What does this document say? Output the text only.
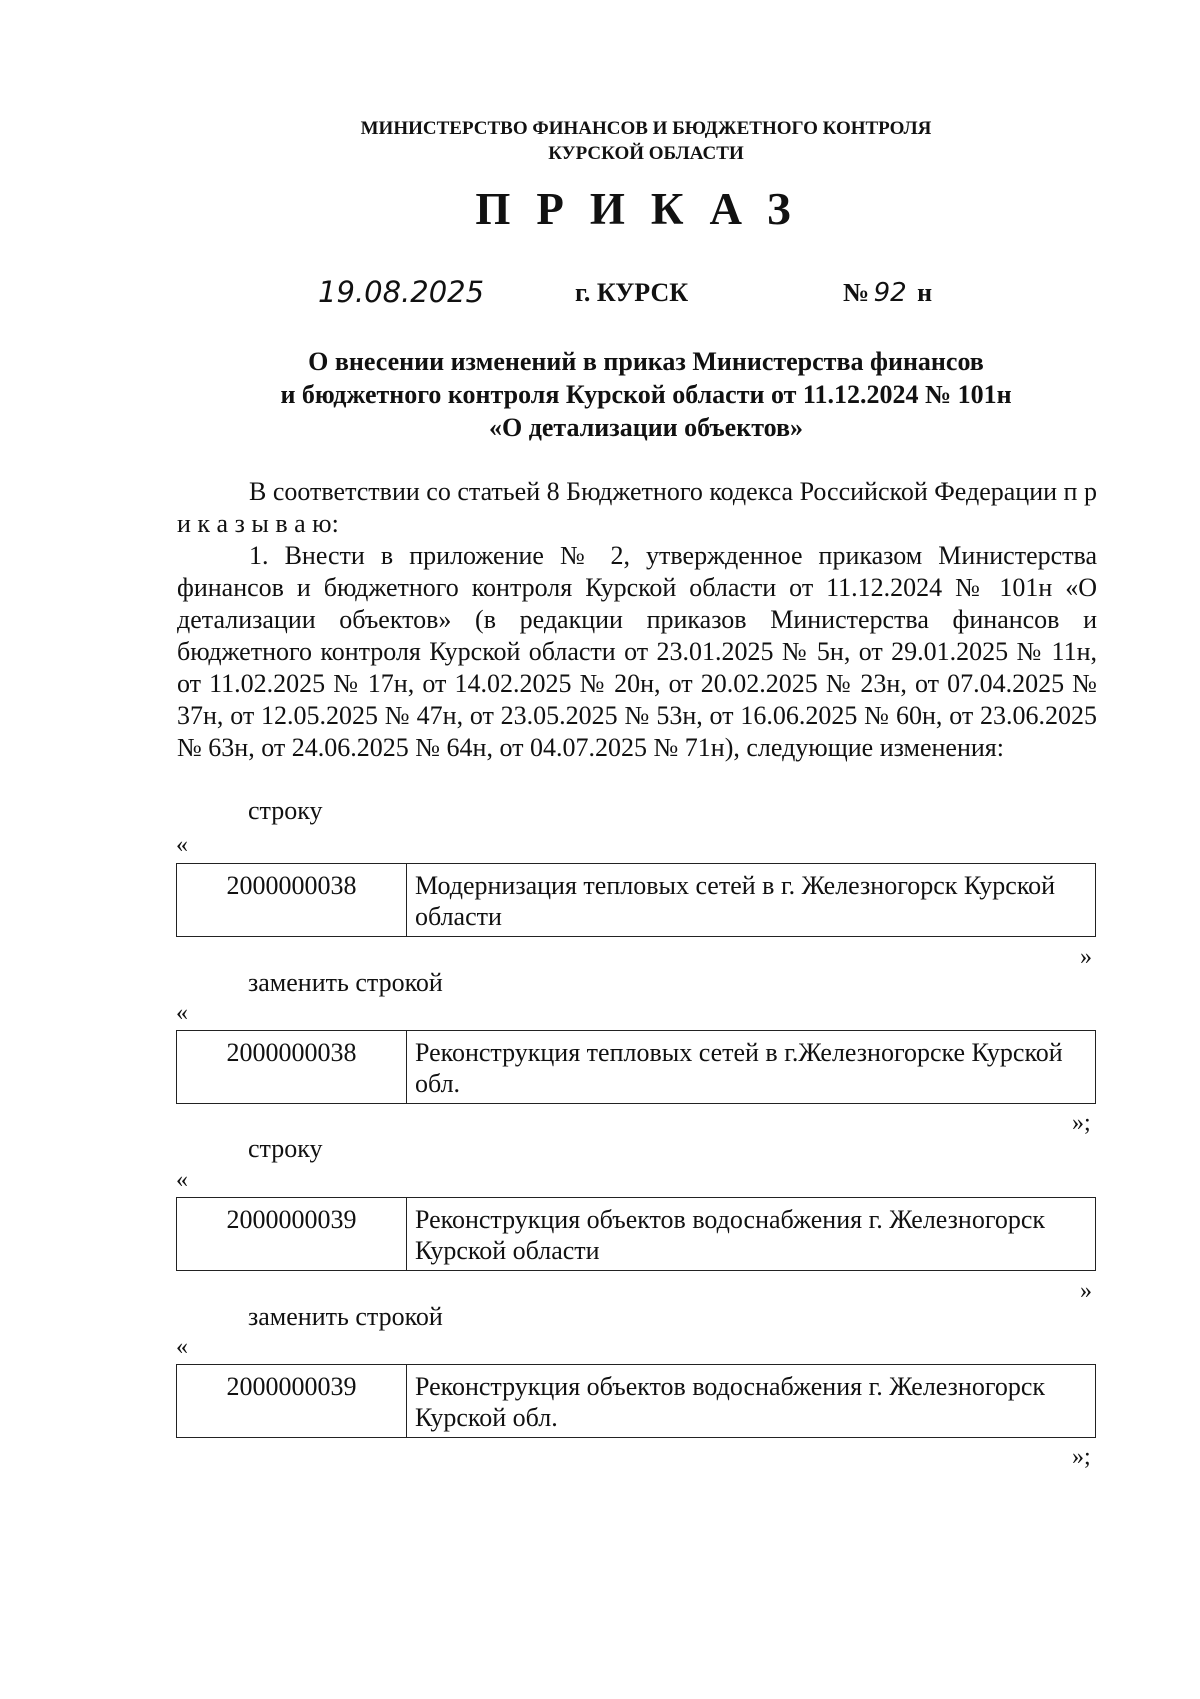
МИНИСТЕРСТВО ФИНАНСОВ И БЮДЖЕТНОГО КОНТРОЛЯ
КУРСКОЙ ОБЛАСТИ
ПРИКАЗ
19.08.2025	г. КУРСК	№ 92 н
О внесении изменений в приказ Министерства финансов
и бюджетного контроля Курской области от 11.12.2024 № 101н
«О детализации объектов»
В соответствии со статьей 8 Бюджетного кодекса Российской Федерации п р и к а з ы в а ю:
1. Внести в приложение № 2, утвержденное приказом Министерства финансов и бюджетного контроля Курской области от 11.12.2024 № 101н «О детализации объектов» (в редакции приказов Министерства финансов и бюджетного контроля Курской области от 23.01.2025 № 5н, от 29.01.2025 № 11н, от 11.02.2025 № 17н, от 14.02.2025 № 20н, от 20.02.2025 № 23н, от 07.04.2025 № 37н, от 12.05.2025 № 47н, от 23.05.2025 № 53н, от 16.06.2025 № 60н, от 23.06.2025 № 63н, от 24.06.2025 № 64н, от 04.07.2025 № 71н), следующие изменения:
строку
«
2000000038	Модернизация тепловых сетей в г. Железногорск Курской области
»
заменить строкой
«
2000000038	Реконструкция тепловых сетей в г.Железногорске Курской обл.
»;
строку
«
2000000039	Реконструкция объектов водоснабжения г. Железногорск Курской области
»
заменить строкой
«
2000000039	Реконструкция объектов водоснабжения г. Железногорск Курской обл.
»;
